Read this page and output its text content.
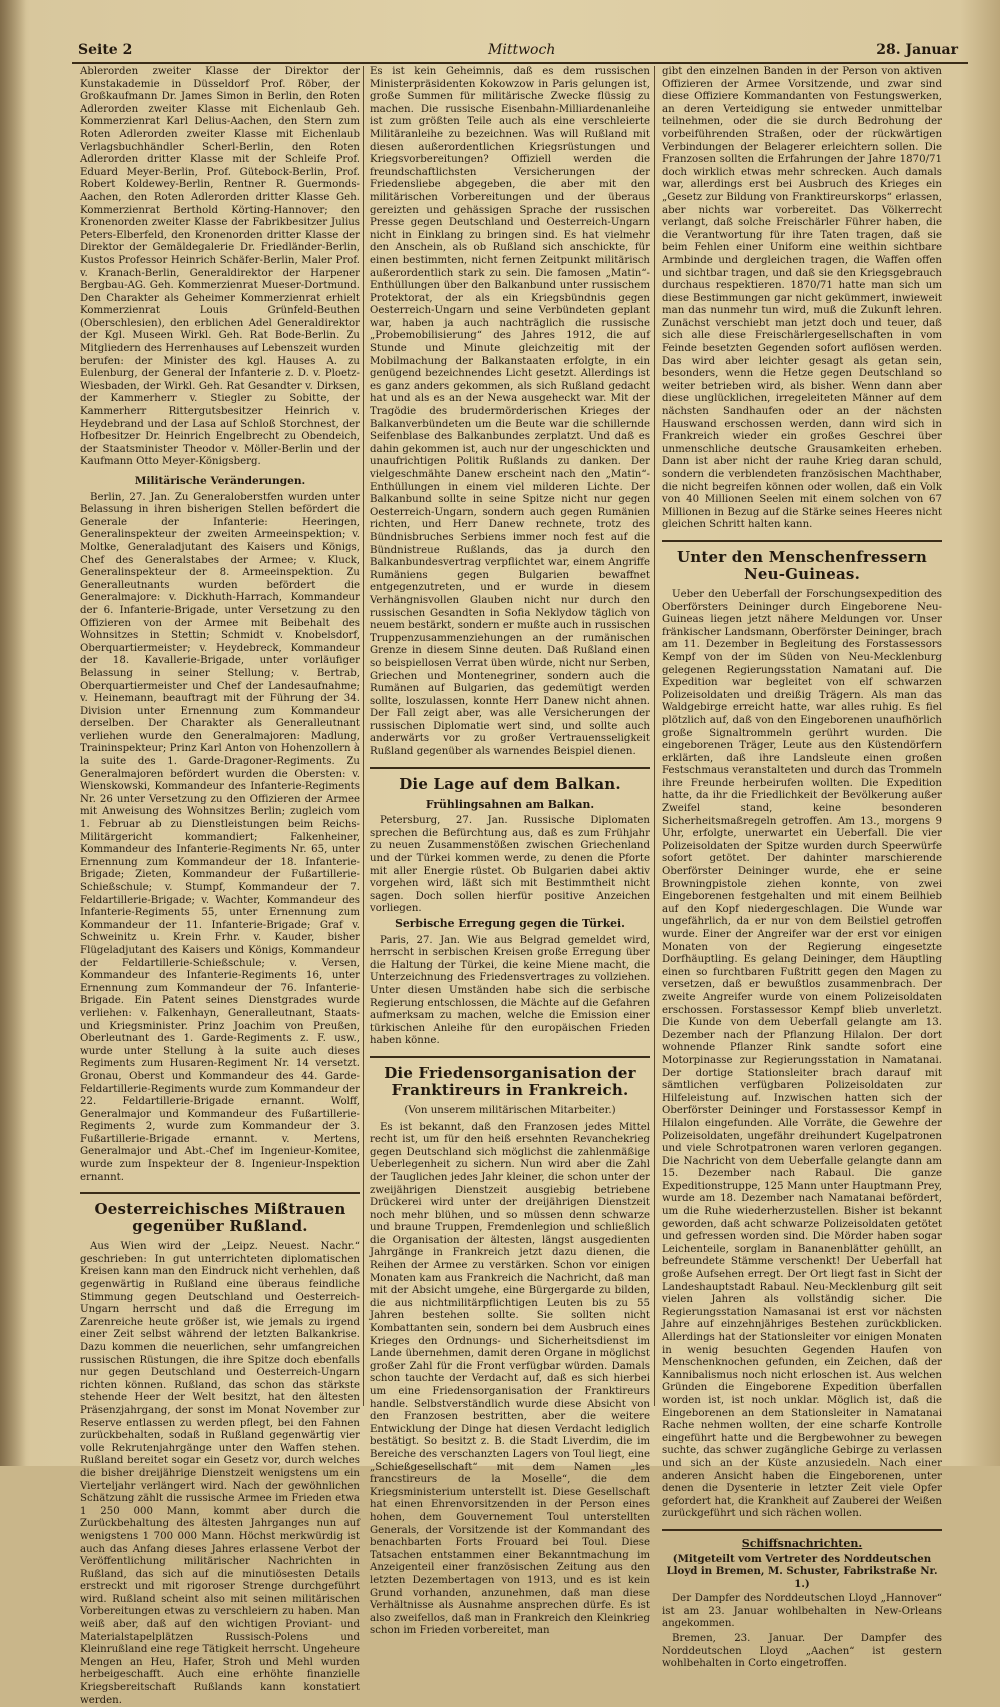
Seite 2	Mittwoch	28. Januar

Ablerorden zweiter Klasse der Direktor der Kunstakademie in Düsseldorf Prof. Röber, der Großkaufmann Dr. James Simon in Berlin, den Roten Adlerorden zweiter Klasse mit Eichenlaub Geh. Kommerzienrat Karl Delius-Aachen, den Stern zum Roten Adlerorden zweiter Klasse mit Eichenlaub Verlagsbuchhändler Scherl-Berlin, den Roten Adlerorden dritter Klasse mit der Schleife Prof. Eduard Meyer-Berlin, Prof. Gütebock-Berlin, Prof. Robert Koldewey-Berlin, Rentner R. Guermonds-Aachen, den Roten Adlerorden dritter Klasse Geh. Kommerzienrat Berthold Körting-Hannover; den Kronenorden zweiter Klasse der Fabrikbesitzer Julius Peters-Elberfeld, den Kronenorden dritter Klasse der Direktor der Gemäldegalerie Dr. Friedländer-Berlin, Kustos Professor Heinrich Schäfer-Berlin, Maler Prof. v. Kranach-Berlin, Generaldirektor der Harpener Bergbau-AG. Geh. Kommerzienrat Mueser-Dortmund. Den Charakter als Geheimer Kommerzienrat erhielt Kommerzienrat Louis Grünfeld-Beuthen (Oberschlesien), den erblichen Adel Generaldirektor der Kgl. Museen Wirkl. Geh. Rat Bode-Berlin. Zu Mitgliedern des Herrenhauses auf Lebenszeit wurden berufen: der Minister des kgl. Hauses A. zu Eulenburg, der General der Infanterie z. D. v. Ploetz-Wiesbaden, der Wirkl. Geh. Rat Gesandter v. Dirksen, der Kammerherr v. Stiegler zu Sobitte, der Kammerherr Rittergutsbesitzer Heinrich v. Heydebrand und der Lasa auf Schloß Storchnest, der Hofbesitzer Dr. Heinrich Engelbrecht zu Obendeich, der Staatsminister Theodor v. Möller-Berlin und der Kaufmann Otto Meyer-Königsberg.

Militärische Veränderungen.

Berlin, 27. Jan. Zu Generaloberstfen wurden unter Belassung in ihren bisherigen Stellen befördert die Generale der Infanterie: Heeringen, Generalinspekteur der zweiten Armeeinspektion; v. Moltke, Generaladjutant des Kaisers und Königs, Chef des Generalstabes der Armee; v. Kluck, Generalinspekteur der 8. Armeeinspektion. Zu Generalleutnants wurden befördert die Generalmajore: v. Dickhuth-Harrach, Kommandeur der 6. Infanterie-Brigade, unter Versetzung zu den Offizieren von der Armee mit Beibehalt des Wohnsitzes in Stettin; Schmidt v. Knobelsdorf, Oberquartiermeister; v. Heydebreck, Kommandeur der 18. Kavallerie-Brigade, unter vorläufiger Belassung in seiner Stellung; v. Bertrab, Oberquartiermeister und Chef der Landesaufnahme; v. Heinemann, beauftragt mit der Führung der 34. Division unter Ernennung zum Kommandeur derselben. Der Charakter als Generalleutnant verliehen wurde den Generalmajoren: Madlung, Traininspekteur; Prinz Karl Anton von Hohenzollern à la suite des 1. Garde-Dragoner-Regiments. Zu Generalmajoren befördert wurden die Obersten: v. Wienskowski, Kommandeur des Infanterie-Regiments Nr. 26 unter Versetzung zu den Offizieren der Armee mit Anweisung des Wohnsitzes Berlin; zugleich vom 1. Februar ab zu Dienstleistungen beim Reichs-Militärgericht kommandiert; Falkenheiner, Kommandeur des Infanterie-Regiments Nr. 65, unter Ernennung zum Kommandeur der 18. Infanterie-Brigade; Zieten, Kommandeur der Fußartillerie-Schießschule; v. Stumpf, Kommandeur der 7. Feldartillerie-Brigade; v. Wachter, Kommandeur des Infanterie-Regiments 55, unter Ernennung zum Kommandeur der 11. Infanterie-Brigade; Graf v. Schweinitz u. Krein Frhr. v. Kauder, bisher Flügeladjutant des Kaisers und Königs, Kommandeur der Feldartillerie-Schießschule; v. Versen, Kommandeur des Infanterie-Regiments 16, unter Ernennung zum Kommandeur der 76. Infanterie-Brigade. Ein Patent seines Dienstgrades wurde verliehen: v. Falkenhayn, Generalleutnant, Staats- und Kriegsminister. Prinz Joachim von Preußen, Oberleutnant des 1. Garde-Regiments z. F. usw., wurde unter Stellung à la suite auch dieses Regiments zum Husaren-Regiment Nr. 14 versetzt. Gronau, Oberst und Kommandeur des 44. Garde-Feldartillerie-Regiments wurde zum Kommandeur der 22. Feldartillerie-Brigade ernannt. Wolff, Generalmajor und Kommandeur des Fußartillerie-Regiments 2, wurde zum Kommandeur der 3. Fußartillerie-Brigade ernannt. v. Mertens, Generalmajor und Abt.-Chef im Ingenieur-Komitee, wurde zum Inspekteur der 8. Ingenieur-Inspektion ernannt.

Oesterreichisches Mißtrauen gegenüber Rußland.

Aus Wien wird der „Leipz. Neuest. Nachr.“ geschrieben: In gut unterrichteten diplomatischen Kreisen kann man den Eindruck nicht verhehlen, daß gegenwärtig in Rußland eine überaus feindliche Stimmung gegen Deutschland und Oesterreich-Ungarn herrscht und daß die Erregung im Zarenreiche heute größer ist, wie jemals zu irgend einer Zeit selbst während der letzten Balkankrise. Dazu kommen die neuerlichen, sehr umfangreichen russischen Rüstungen, die ihre Spitze doch ebenfalls nur gegen Deutschland und Oesterreich-Ungarn richten können. Rußland, das schon das stärkste stehende Heer der Welt besitzt, hat den ältesten Präsenzjahrgang, der sonst im Monat November zur Reserve entlassen zu werden pflegt, bei den Fahnen zurückbehalten, sodaß in Rußland gegenwärtig vier volle Rekrutenjahrgänge unter den Waffen stehen. Rußland bereitet sogar ein Gesetz vor, durch welches die bisher dreijährige Dienstzeit wenigstens um ein Vierteljahr verlängert wird. Nach der gewöhnlichen Schätzung zählt die russische Armee im Frieden etwa 1 250 000 Mann, kommt aber durch die Zurückbehaltung des ältesten Jahrganges nun auf wenigstens 1 700 000 Mann. Höchst merkwürdig ist auch das Anfang dieses Jahres erlassene Verbot der Veröffentlichung militärischer Nachrichten in Rußland, das sich auf die minutiösesten Details erstreckt und mit rigoroser Strenge durchgeführt wird. Rußland scheint also mit seinen militärischen Vorbereitungen etwas zu verschleiern zu haben. Man weiß aber, daß auf den wichtigen Proviant- und Materialstapelplätzen Russisch-Polens und Kleinrußland eine rege Tätigkeit herrscht. Ungeheure Mengen an Heu, Hafer, Stroh und Mehl wurden herbeigeschafft. Auch eine erhöhte finanzielle Kriegsbereitschaft Rußlands kann konstatiert werden.

Es ist kein Geheimnis, daß es dem russischen Ministerpräsidenten Kokowzow in Paris gelungen ist, große Summen für militärische Zwecke flüssig zu machen. Die russische Eisenbahn-Milliardenanleihe ist zum größten Teile auch als eine verschleierte Militäranleihe zu bezeichnen. Was will Rußland mit diesen außerordentlichen Kriegsrüstungen und Kriegsvorbereitungen? Offiziell werden die freundschaftlichsten Versicherungen der Friedensliebe abgegeben, die aber mit den militärischen Vorbereitungen und der überaus gereizten und gehässigen Sprache der russischen Presse gegen Deutschland und Oesterreich-Ungarn nicht in Einklang zu bringen sind. Es hat vielmehr den Anschein, als ob Rußland sich anschickte, für einen bestimmten, nicht fernen Zeitpunkt militärisch außerordentlich stark zu sein. Die famosen „Matin“-Enthüllungen über den Balkanbund unter russischem Protektorat, der als ein Kriegsbündnis gegen Oesterreich-Ungarn und seine Verbündeten geplant war, haben ja auch nachträglich die russische „Probemobilisierung“ des Jahres 1912, die auf Stunde und Minute gleichzeitig mit der Mobilmachung der Balkanstaaten erfolgte, in ein genügend bezeichnendes Licht gesetzt. Allerdings ist es ganz anders gekommen, als sich Rußland gedacht hat und als es an der Newa ausgeheckt war. Mit der Tragödie des brudermörderischen Krieges der Balkanverbündeten um die Beute war die schillernde Seifenblase des Balkanbundes zerplatzt. Und daß es dahin gekommen ist, auch nur der ungeschickten und unaufrichtigen Politik Rußlands zu danken. Der vielgeschmähte Danew erscheint nach den „Matin“-Enthüllungen in einem viel milderen Lichte. Der Balkanbund sollte in seine Spitze nicht nur gegen Oesterreich-Ungarn, sondern auch gegen Rumänien richten, und Herr Danew rechnete, trotz des Bündnisbruches Serbiens immer noch fest auf die Bündnistreue Rußlands, das ja durch den Balkanbundesvertrag verpflichtet war, einem Angriffe Rumäniens gegen Bulgarien bewaffnet entgegenzutreten, und er wurde in diesem Verhängnisvollen Glauben nicht nur durch den russischen Gesandten in Sofia Neklydow täglich von neuem bestärkt, sondern er mußte auch in russischen Truppenzusammenziehungen an der rumänischen Grenze in diesem Sinne deuten. Daß Rußland einen so beispiellosen Verrat üben würde, nicht nur Serben, Griechen und Montenegriner, sondern auch die Rumänen auf Bulgarien, das gedemütigt werden sollte, loszulassen, konnte Herr Danew nicht ahnen. Der Fall zeigt aber, was alle Versicherungen der russischen Diplomatie wert sind, und sollte auch anderwärts vor zu großer Vertrauensseligkeit Rußland gegenüber als warnendes Beispiel dienen.

Die Lage auf dem Balkan.
Frühlingsahnen am Balkan.

Petersburg, 27. Jan. Russische Diplomaten sprechen die Befürchtung aus, daß es zum Frühjahr zu neuen Zusammenstößen zwischen Griechenland und der Türkei kommen werde, zu denen die Pforte mit aller Energie rüstet. Ob Bulgarien dabei aktiv vorgehen wird, läßt sich mit Bestimmtheit nicht sagen. Doch sollen hierfür positive Anzeichen vorliegen.

Serbische Erregung gegen die Türkei.

Paris, 27. Jan. Wie aus Belgrad gemeldet wird, herrscht in serbischen Kreisen große Erregung über die Haltung der Türkei, die keine Miene macht, die Unterzeichnung des Friedensvertrages zu vollziehen. Unter diesen Umständen habe sich die serbische Regierung entschlossen, die Mächte auf die Gefahren aufmerksam zu machen, welche die Emission einer türkischen Anleihe für den europäischen Frieden haben könne.

Die Friedensorganisation der Franktireurs in Frankreich.
(Von unserem militärischen Mitarbeiter.)

Es ist bekannt, daß den Franzosen jedes Mittel recht ist, um für den heiß ersehnten Revanchekrieg gegen Deutschland sich möglichst die zahlenmäßige Ueberlegenheit zu sichern. Nun wird aber die Zahl der Tauglichen jedes Jahr kleiner, die schon unter der zweijährigen Dienstzeit ausgiebig betriebene Drückerei wird unter der dreijährigen Dienstzeit noch mehr blühen, und so müssen denn schwarze und braune Truppen, Fremdenlegion und schließlich die Organisation der ältesten, längst ausgedienten Jahrgänge in Frankreich jetzt dazu dienen, die Reihen der Armee zu verstärken. Schon vor einigen Monaten kam aus Frankreich die Nachricht, daß man mit der Absicht umgehe, eine Bürgergarde zu bilden, die aus nichtmilitärpflichtigen Leuten bis zu 55 Jahren bestehen sollte. Sie sollten nicht Kombattanten sein, sondern bei dem Ausbruch eines Krieges den Ordnungs- und Sicherheitsdienst im Lande übernehmen, damit deren Organe in möglichst großer Zahl für die Front verfügbar würden. Damals schon tauchte der Verdacht auf, daß es sich hierbei um eine Friedensorganisation der Franktireurs handle. Selbstverständlich wurde diese Absicht von den Franzosen bestritten, aber die weitere Entwicklung der Dinge hat diesen Verdacht lediglich bestätigt. So besitzt z. B. die Stadt Liverdim, die im Bereiche des verschanzten Lagers von Toul liegt, eine „Schießgesellschaft“ mit dem Namen „les francstireurs de la Moselle“, die dem Kriegsministerium unterstellt ist. Diese Gesellschaft hat einen Ehrenvorsitzenden in der Person eines hohen, dem Gouvernement Toul unterstellten Generals, der Vorsitzende ist der Kommandant des benachbarten Forts Frouard bei Toul. Diese Tatsachen entstammen einer Bekanntmachung im Anzeigenteil einer französischen Zeitung aus den letzten Dezembertagen von 1913, und es ist kein Grund vorhanden, anzunehmen, daß man diese Verhältnisse als Ausnahme ansprechen dürfe. Es ist also zweifellos, daß man in Frankreich den Kleinkrieg schon im Frieden vorbereitet, man

gibt den einzelnen Banden in der Person von aktiven Offizieren der Armee Vorsitzende, und zwar sind diese Offiziere Kommandanten von Festungswerken, an deren Verteidigung sie entweder unmittelbar teilnehmen, oder die sie durch Bedrohung der vorbeiführenden Straßen, oder der rückwärtigen Verbindungen der Belagerer erleichtern sollen. Die Franzosen sollten die Erfahrungen der Jahre 1870/71 doch wirklich etwas mehr schrecken. Auch damals war, allerdings erst bei Ausbruch des Krieges ein „Gesetz zur Bildung von Franktireurskorps“ erlassen, aber nichts war vorbereitet. Das Völkerrecht verlangt, daß solche Freischärler Führer haben, die die Verantwortung für ihre Taten tragen, daß sie beim Fehlen einer Uniform eine weithin sichtbare Armbinde und dergleichen tragen, die Waffen offen und sichtbar tragen, und daß sie den Kriegsgebrauch durchaus respektieren. 1870/71 hatte man sich um diese Bestimmungen gar nicht gekümmert, inwieweit man das nunmehr tun wird, muß die Zukunft lehren. Zunächst verschiebt man jetzt doch und teuer, daß sich alle diese Freischärlergesellschaften in vom Feinde besetzten Gegenden sofort auflösen werden. Das wird aber leichter gesagt als getan sein, besonders, wenn die Hetze gegen Deutschland so weiter betrieben wird, als bisher. Wenn dann aber diese unglücklichen, irregeleiteten Männer auf dem nächsten Sandhaufen oder an der nächsten Hauswand erschossen werden, dann wird sich in Frankreich wieder ein großes Geschrei über unmenschliche deutsche Grausamkeiten erheben. Dann ist aber nicht der rauhe Krieg daran schuld, sondern die verblendeten französischen Machthaber, die nicht begreifen können oder wollen, daß ein Volk von 40 Millionen Seelen mit einem solchen von 67 Millionen in Bezug auf die Stärke seines Heeres nicht gleichen Schritt halten kann.

Unter den Menschenfressern Neu-Guineas.

Ueber den Ueberfall der Forschungsexpedition des Oberförsters Deininger durch Eingeborene Neu-Guineas liegen jetzt nähere Meldungen vor. Unser fränkischer Landsmann, Oberförster Deininger, brach am 11. Dezember in Begleitung des Forstassessors Kempf von der im Süden von Neu-Mecklenburg gelegenen Regierungsstation Namatani auf. Die Expedition war begleitet von elf schwarzen Polizeisoldaten und dreißig Trägern. Als man das Waldgebirge erreicht hatte, war alles ruhig. Es fiel plötzlich auf, daß von den Eingeborenen unaufhörlich große Signaltrommeln gerührt wurden. Die eingeborenen Träger, Leute aus den Küstendörfern erklärten, daß ihre Landsleute einen großen Festschmaus veranstalteten und durch das Trommeln ihre Freunde herbeirufen wollten. Die Expedition hatte, da ihr die Friedlichkeit der Bevölkerung außer Zweifel stand, keine besonderen Sicherheitsmaßregeln getroffen. Am 13., morgens 9 Uhr, erfolgte, unerwartet ein Ueberfall. Die vier Polizeisoldaten der Spitze wurden durch Speerwürfe sofort getötet. Der dahinter marschierende Oberförster Deininger wurde, ehe er seine Browningpistole ziehen konnte, von zwei Eingeborenen festgehalten und mit einem Beilhieb auf den Kopf niedergeschlagen. Die Wunde war ungefährlich, da er nur von dem Beilstiel getroffen wurde. Einer der Angreifer war der erst vor einigen Monaten von der Regierung eingesetzte Dorfhäuptling. Es gelang Deininger, dem Häuptling einen so furchtbaren Fußtritt gegen den Magen zu versetzen, daß er bewußtlos zusammenbrach. Der zweite Angreifer wurde von einem Polizeisoldaten erschossen. Forstassessor Kempf blieb unverletzt. Die Kunde von dem Ueberfall gelangte am 13. Dezember nach der Pflanzung Hilalon. Der dort wohnende Pflanzer Rink sandte sofort eine Motorpinasse zur Regierungsstation in Namatanai. Der dortige Stationsleiter brach darauf mit sämtlichen verfügbaren Polizeisoldaten zur Hilfeleistung auf. Inzwischen hatten sich der Oberförster Deininger und Forstassessor Kempf in Hilalon eingefunden. Alle Vorräte, die Gewehre der Polizeisoldaten, ungefähr dreihundert Kugelpatronen und viele Schrotpatronen waren verloren gegangen. Die Nachricht von dem Ueberfalle gelangte dann am 15. Dezember nach Rabaul. Die ganze Expeditionstruppe, 125 Mann unter Hauptmann Prey, wurde am 18. Dezember nach Namatanai befördert, um die Ruhe wiederherzustellen. Bisher ist bekannt geworden, daß acht schwarze Polizeisoldaten getötet und gefressen worden sind. Die Mörder haben sogar Leichenteile, sorglam in Bananenblätter gehüllt, an befreundete Stämme verschenkt! Der Ueberfall hat große Aufsehen erregt. Der Ort liegt fast in Sicht der Landeshauptstadt Rabaul. Neu-Mecklenburg gilt seit vielen Jahren als vollständig sicher. Die Regierungsstation Namasanai ist erst vor nächsten Jahre auf einzehnjähriges Bestehen zurückblicken. Allerdings hat der Stationsleiter vor einigen Monaten in wenig besuchten Gegenden Haufen von Menschenknochen gefunden, ein Zeichen, daß der Kannibalismus noch nicht erloschen ist. Aus welchen Gründen die Eingeborene Expedition überfallen worden ist, ist noch unklar. Möglich ist, daß die Eingeborenen an dem Stationsleiter in Namatanai Rache nehmen wollten, der eine scharfe Kontrolle eingeführt hatte und die Bergbewohner zu bewegen suchte, das schwer zugängliche Gebirge zu verlassen und sich an der Küste anzusiedeln. Nach einer anderen Ansicht haben die Eingeborenen, unter denen die Dysenterie in letzter Zeit viele Opfer gefordert hat, die Krankheit auf Zauberei der Weißen zurückgeführt und sich rächen wollen.

Schiffsnachrichten.
(Mitgeteilt vom Vertreter des Norddeutschen Lloyd in Bremen, M. Schuster, Fabrikstraße Nr. 1.)

Der Dampfer des Norddeutschen Lloyd „Hannover“ ist am 23. Januar wohlbehalten in New-Orleans angekommen.

Bremen, 23. Januar. Der Dampfer des Norddeutschen Lloyd „Aachen“ ist gestern wohlbehalten in Corto eingetroffen.
